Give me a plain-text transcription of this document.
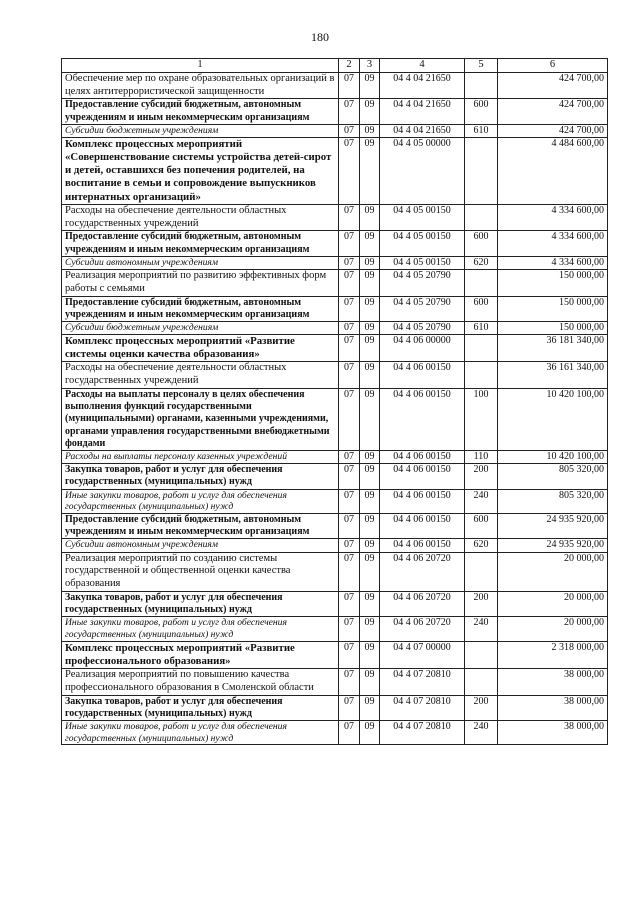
180
1	2	3	4	5	6
Обеспечение мер по охране образовательных организаций в целях антитеррористической защищенности	07	09	04 4 04 21650		424 700,00
Предоставление субсидий бюджетным, автономным учреждениям и иным некоммерческим организациям	07	09	04 4 04 21650	600	424 700,00
Субсидии бюджетным учреждениям	07	09	04 4 04 21650	610	424 700,00
Комплекс процессных мероприятий «Совершенствование системы устройства детей-сирот и детей, оставшихся без попечения родителей, на воспитание в семьи и сопровождение выпускников интернатных организаций»	07	09	04 4 05 00000		4 484 600,00
Расходы на обеспечение деятельности областных государственных учреждений	07	09	04 4 05 00150		4 334 600,00
Предоставление субсидий бюджетным, автономным учреждениям и иным некоммерческим организациям	07	09	04 4 05 00150	600	4 334 600,00
Субсидии автономным учреждениям	07	09	04 4 05 00150	620	4 334 600,00
Реализация мероприятий по развитию эффективных форм работы с семьями	07	09	04 4 05 20790		150 000,00
Предоставление субсидий бюджетным, автономным учреждениям и иным некоммерческим организациям	07	09	04 4 05 20790	600	150 000,00
Субсидии бюджетным учреждениям	07	09	04 4 05 20790	610	150 000,00
Комплекс процессных мероприятий «Развитие системы оценки качества образования»	07	09	04 4 06 00000		36 181 340,00
Расходы на обеспечение деятельности областных государственных учреждений	07	09	04 4 06 00150		36 161 340,00
Расходы на выплаты персоналу в целях обеспечения выполнения функций государственными (муниципальными) органами, казенными учреждениями, органами управления государственными внебюджетными фондами	07	09	04 4 06 00150	100	10 420 100,00
Расходы на выплаты персоналу казенных учреждений	07	09	04 4 06 00150	110	10 420 100,00
Закупка товаров, работ и услуг для обеспечения государственных (муниципальных) нужд	07	09	04 4 06 00150	200	805 320,00
Иные закупки товаров, работ и услуг для обеспечения государственных (муниципальных) нужд	07	09	04 4 06 00150	240	805 320,00
Предоставление субсидий бюджетным, автономным учреждениям и иным некоммерческим организациям	07	09	04 4 06 00150	600	24 935 920,00
Субсидии автономным учреждениям	07	09	04 4 06 00150	620	24 935 920,00
Реализация мероприятий по созданию системы государственной и общественной оценки качества образования	07	09	04 4 06 20720		20 000,00
Закупка товаров, работ и услуг для обеспечения государственных (муниципальных) нужд	07	09	04 4 06 20720	200	20 000,00
Иные закупки товаров, работ и услуг для обеспечения государственных (муниципальных) нужд	07	09	04 4 06 20720	240	20 000,00
Комплекс процессных мероприятий «Развитие профессионального образования»	07	09	04 4 07 00000		2 318 000,00
Реализация мероприятий по повышению качества профессионального образования в Смоленской области	07	09	04 4 07 20810		38 000,00
Закупка товаров, работ и услуг для обеспечения государственных (муниципальных) нужд	07	09	04 4 07 20810	200	38 000,00
Иные закупки товаров, работ и услуг для обеспечения государственных (муниципальных) нужд	07	09	04 4 07 20810	240	38 000,00
